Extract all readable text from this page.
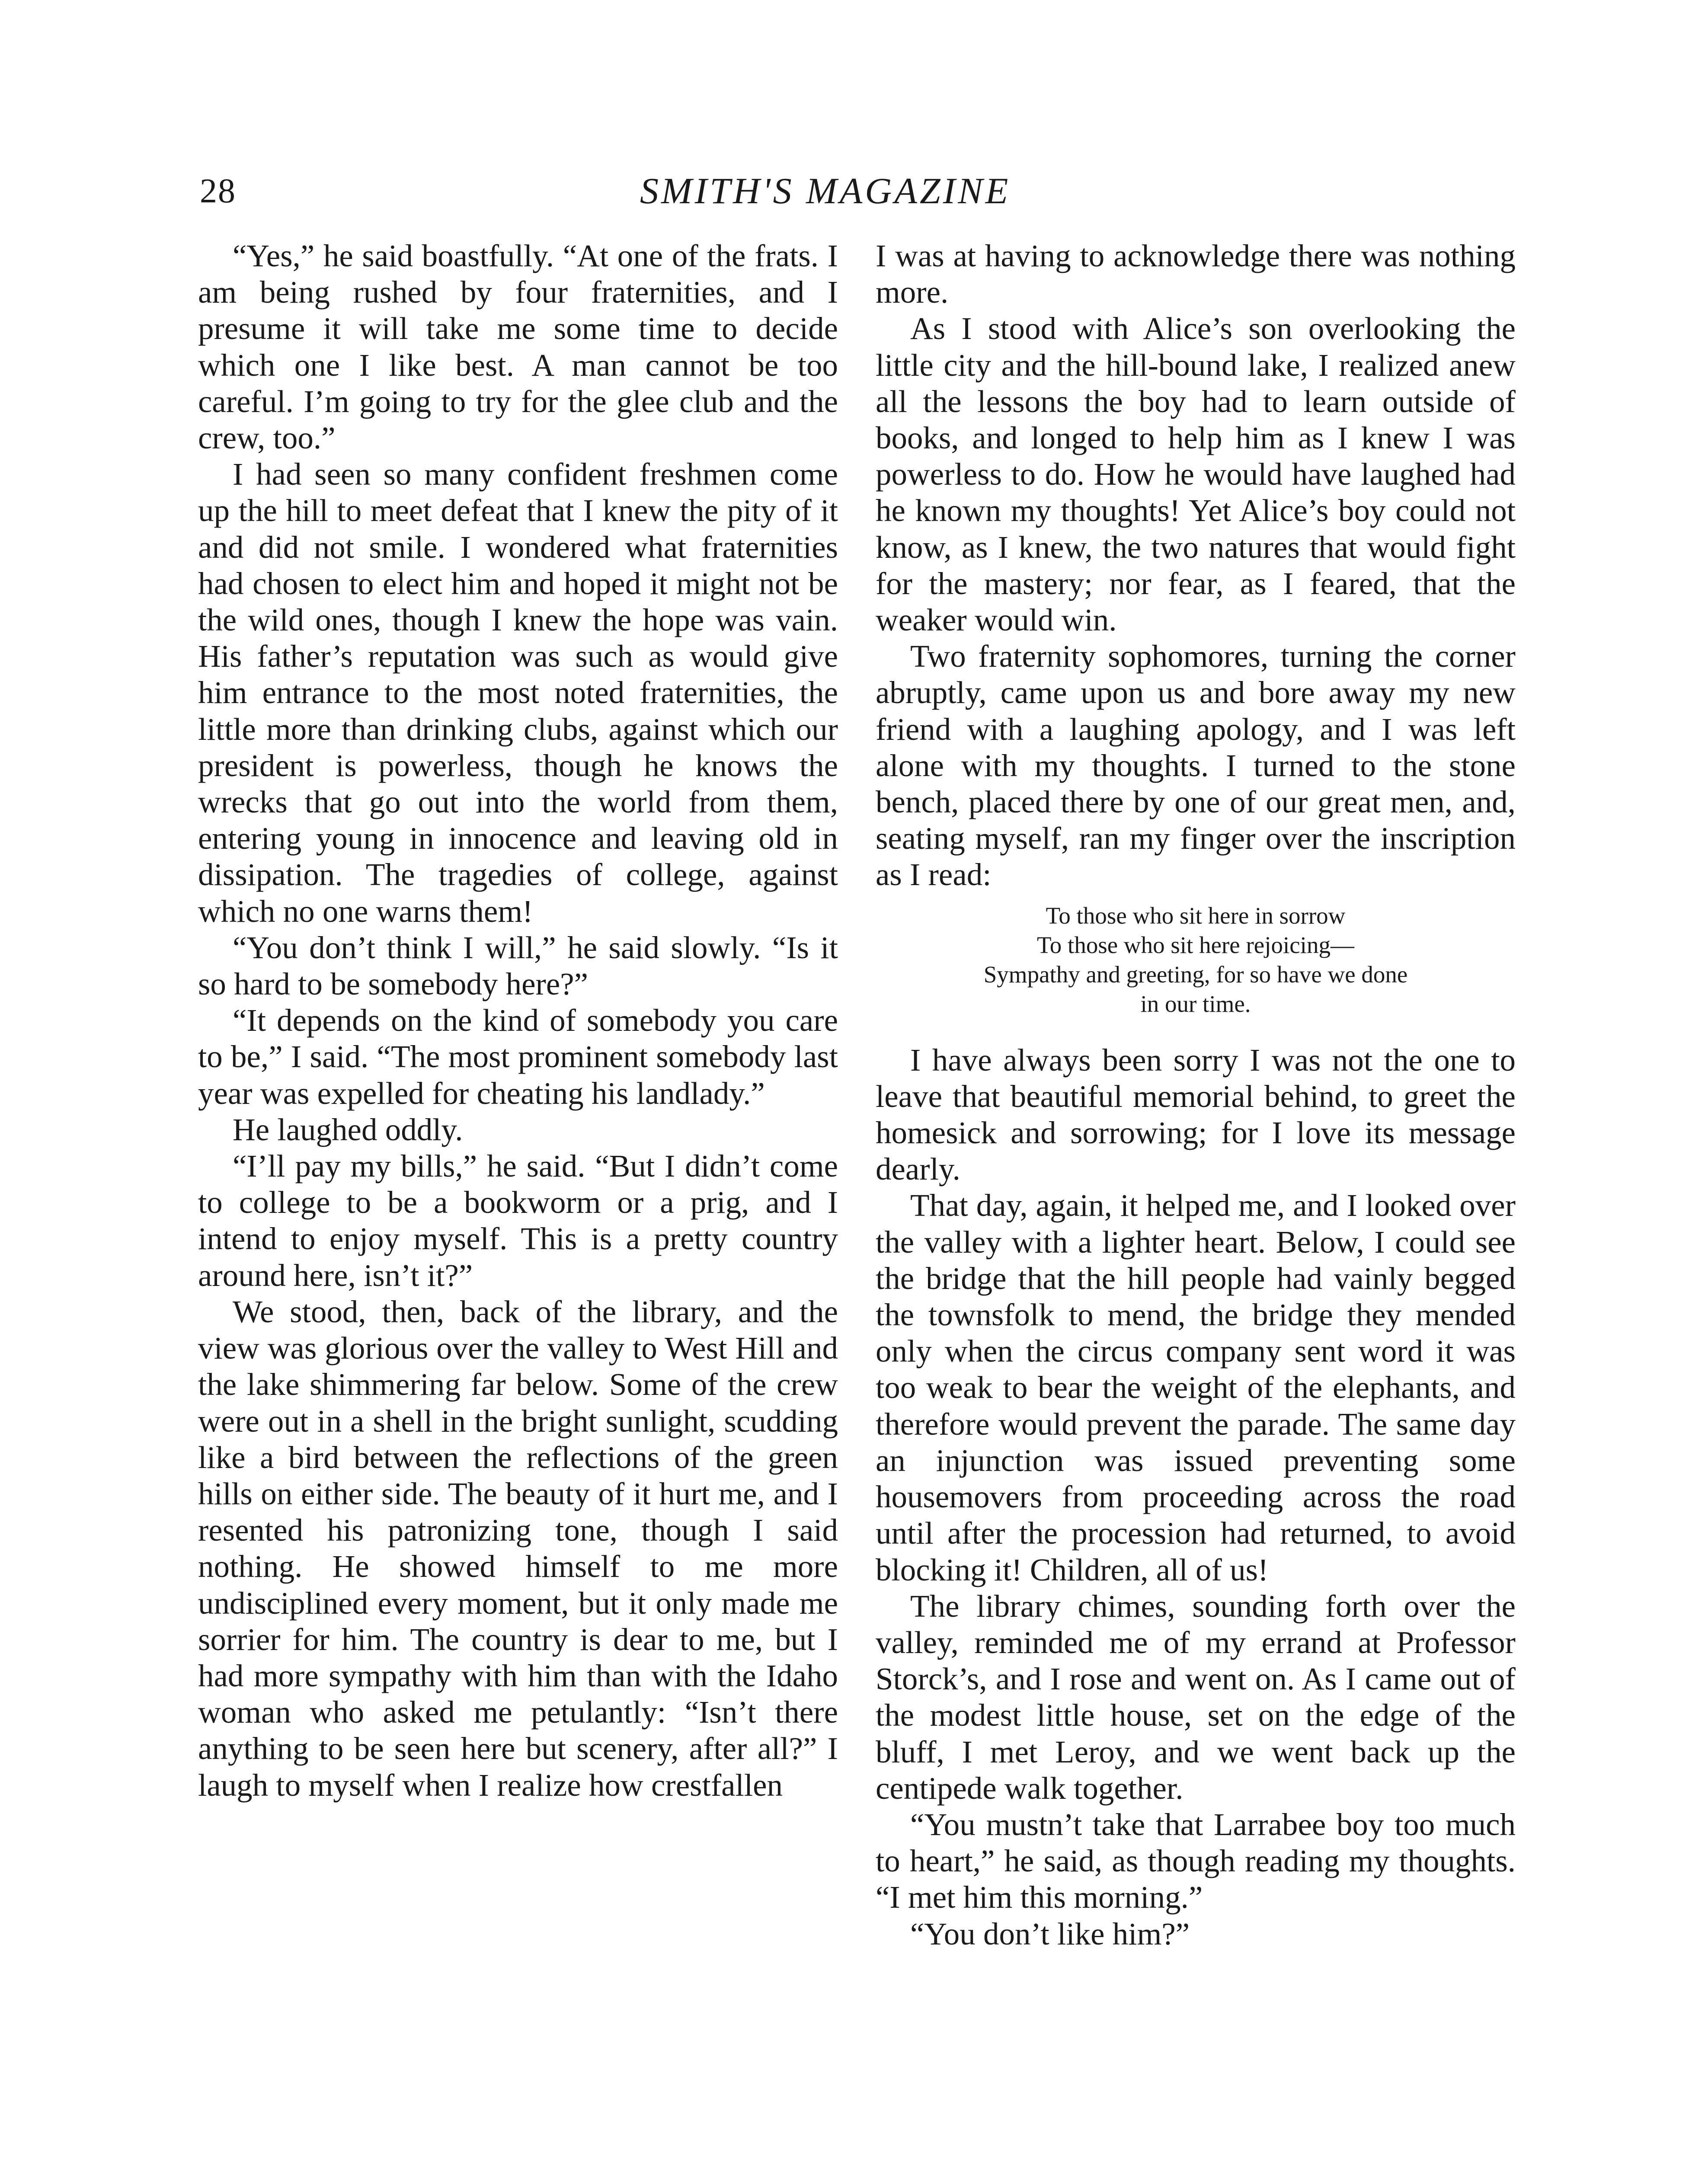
28	SMITH'S MAGAZINE

“Yes,” he said boastfully. “At one of the frats. I am being rushed by four fraternities, and I presume it will take me some time to decide which one I like best. A man cannot be too careful. I’m going to try for the glee club and the crew, too.”

I had seen so many confident freshmen come up the hill to meet defeat that I knew the pity of it and did not smile. I wondered what fraternities had chosen to elect him and hoped it might not be the wild ones, though I knew the hope was vain. His father’s reputation was such as would give him entrance to the most noted fraternities, the little more than drinking clubs, against which our president is powerless, though he knows the wrecks that go out into the world from them, entering young in innocence and leaving old in dissipation. The tragedies of college, against which no one warns them!

“You don’t think I will,” he said slowly. “Is it so hard to be somebody here?”

“It depends on the kind of somebody you care to be,” I said. “The most prominent somebody last year was expelled for cheating his landlady.”

He laughed oddly.

“I’ll pay my bills,” he said. “But I didn’t come to college to be a bookworm or a prig, and I intend to enjoy myself. This is a pretty country around here, isn’t it?”

We stood, then, back of the library, and the view was glorious over the valley to West Hill and the lake shimmering far below. Some of the crew were out in a shell in the bright sunlight, scudding like a bird between the reflections of the green hills on either side. The beauty of it hurt me, and I resented his patronizing tone, though I said nothing. He showed himself to me more undisciplined every moment, but it only made me sorrier for him. The country is dear to me, but I had more sympathy with him than with the Idaho woman who asked me petulantly: “Isn’t there anything to be seen here but scenery, after all?” I laugh to myself when I realize how crestfallen

I was at having to acknowledge there was nothing more.

As I stood with Alice’s son overlooking the little city and the hill-bound lake, I realized anew all the lessons the boy had to learn outside of books, and longed to help him as I knew I was powerless to do. How he would have laughed had he known my thoughts! Yet Alice’s boy could not know, as I knew, the two natures that would fight for the mastery; nor fear, as I feared, that the weaker would win.

Two fraternity sophomores, turning the corner abruptly, came upon us and bore away my new friend with a laughing apology, and I was left alone with my thoughts. I turned to the stone bench, placed there by one of our great men, and, seating myself, ran my finger over the inscription as I read:

To those who sit here in sorrow
To those who sit here rejoicing—
Sympathy and greeting, for so have we done
in our time.

I have always been sorry I was not the one to leave that beautiful memorial behind, to greet the homesick and sorrowing; for I love its message dearly.

That day, again, it helped me, and I looked over the valley with a lighter heart. Below, I could see the bridge that the hill people had vainly begged the townsfolk to mend, the bridge they mended only when the circus company sent word it was too weak to bear the weight of the elephants, and therefore would prevent the parade. The same day an injunction was issued preventing some housemovers from proceeding across the road until after the procession had returned, to avoid blocking it! Children, all of us!

The library chimes, sounding forth over the valley, reminded me of my errand at Professor Storck’s, and I rose and went on. As I came out of the modest little house, set on the edge of the bluff, I met Leroy, and we went back up the centipede walk together.

“You mustn’t take that Larrabee boy too much to heart,” he said, as though reading my thoughts. “I met him this morning.”

“You don’t like him?”
